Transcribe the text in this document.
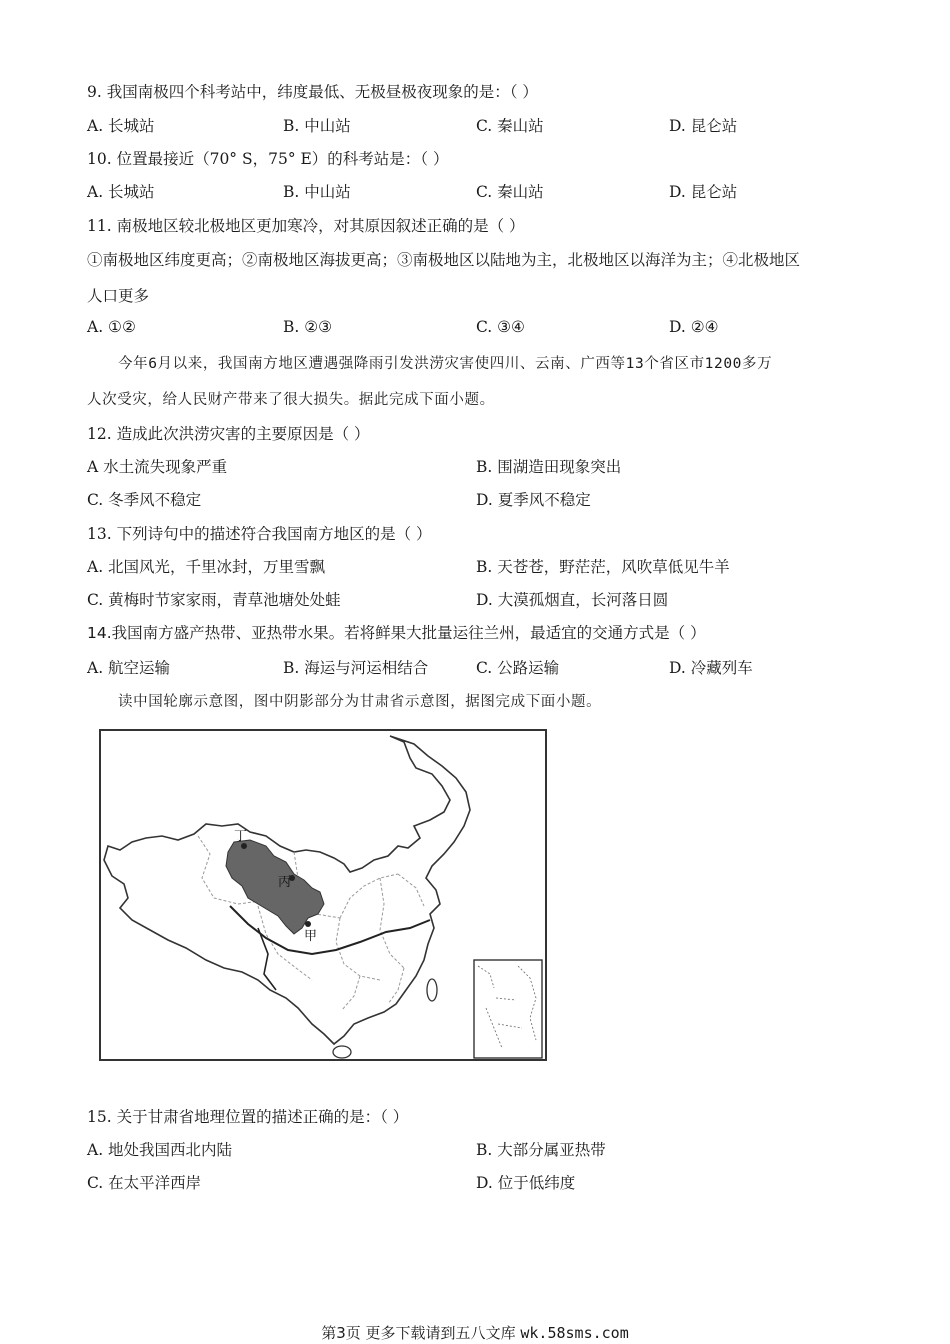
9. 我国南极四个科考站中，纬度最低、无极昼极夜现象的是：（ ）
A. 长城站	B. 中山站	C. 秦山站	D. 昆仑站
10. 位置最接近（70° S，75° E）的科考站是：（ ）
A. 长城站	B. 中山站	C. 秦山站	D. 昆仑站
11. 南极地区较北极地区更加寒冷，对其原因叙述正确的是（ ）
①南极地区纬度更高；②南极地区海拔更高；③南极地区以陆地为主，北极地区以海洋为主；④北极地区
人口更多
A. ①②	B. ②③	C. ③④	D. ②④
今年6月以来，我国南方地区遭遇强降雨引发洪涝灾害使四川、云南、广西等13个省区市1200多万
人次受灾，给人民财产带来了很大损失。据此完成下面小题。
12. 造成此次洪涝灾害的主要原因是（ ）
A 水土流失现象严重	B. 围湖造田现象突出
C. 冬季风不稳定	D. 夏季风不稳定
13. 下列诗句中的描述符合我国南方地区的是（ ）
A. 北国风光，千里冰封，万里雪飘	B. 天苍苍，野茫茫，风吹草低见牛羊
C. 黄梅时节家家雨，青草池塘处处蛙	D. 大漠孤烟直，长河落日圆
14.我国南方盛产热带、亚热带水果。若将鲜果大批量运往兰州，最适宜的交通方式是（ ）
A. 航空运输	B. 海运与河运相结合	C. 公路运输	D. 冷藏列车
读中国轮廓示意图，图中阴影部分为甘肃省示意图，据图完成下面小题。
丁
丙
甲
15. 关于甘肃省地理位置的描述正确的是：（ ）
A. 地处我国西北内陆	B. 大部分属亚热带
C. 在太平洋西岸	D. 位于低纬度
第3页 更多下载请到五八文库 wk.58sms.com
